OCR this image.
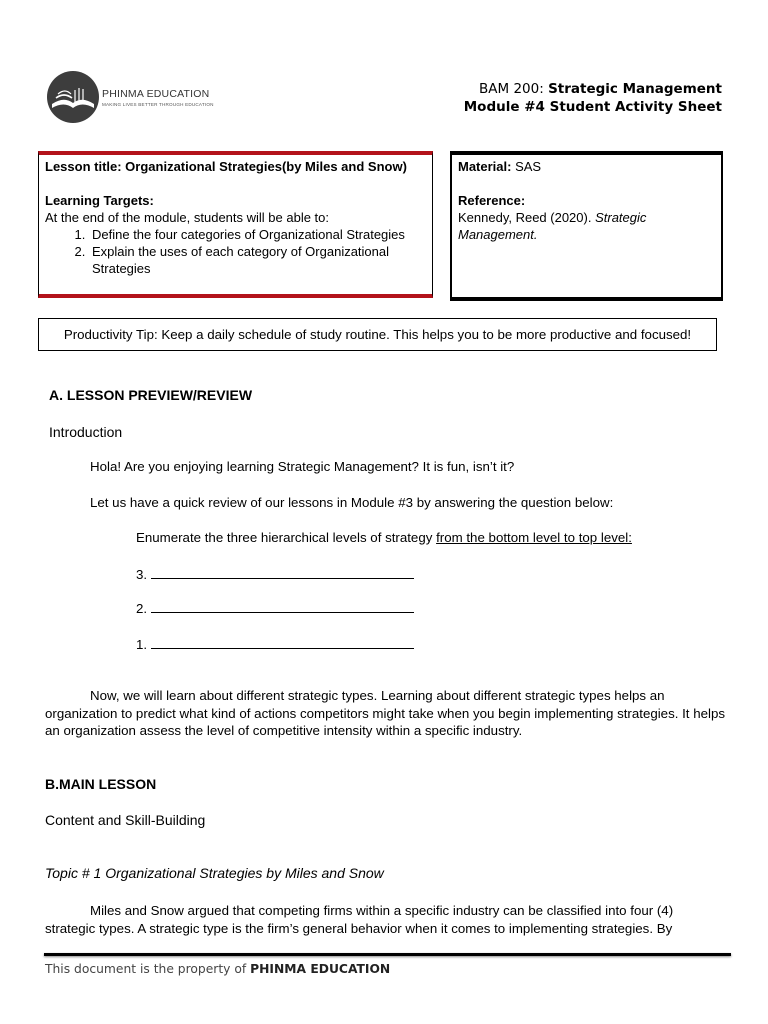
PHINMA EDUCATION
MAKING LIVES BETTER THROUGH EDUCATION
BAM 200: Strategic Management
Module #4 Student Activity Sheet
Lesson title: Organizational Strategies(by Miles and Snow)
Learning Targets:
At the end of the module, students will be able to:
1. Define the four categories of Organizational Strategies
2. Explain the uses of each category of Organizational Strategies
Material: SAS
Reference:
Kennedy, Reed (2020). Strategic Management.
Productivity Tip: Keep a daily schedule of study routine. This helps you to be more productive and focused!
A. LESSON PREVIEW/REVIEW
Introduction
Hola! Are you enjoying learning Strategic Management? It is fun, isn’t it?
Let us have a quick review of our lessons in Module #3 by answering the question below:
Enumerate the three hierarchical levels of strategy from the bottom level to top level:
3.
2.
1.
Now, we will learn about different strategic types. Learning about different strategic types helps an organization to predict what kind of actions competitors might take when you begin implementing strategies. It helps an organization assess the level of competitive intensity within a specific industry.
B.MAIN LESSON
Content and Skill-Building
Topic # 1 Organizational Strategies by Miles and Snow
Miles and Snow argued that competing firms within a specific industry can be classified into four (4) strategic types. A strategic type is the firm’s general behavior when it comes to implementing strategies. By
This document is the property of PHINMA EDUCATION
